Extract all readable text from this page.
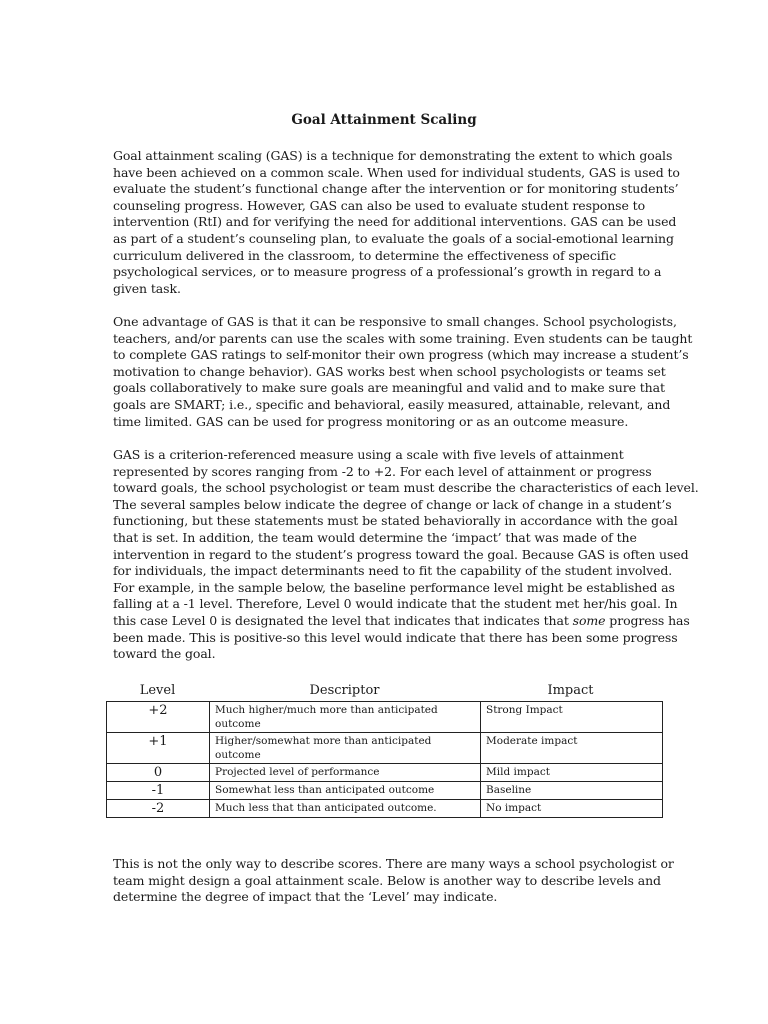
Goal Attainment Scaling
Goal attainment scaling (GAS) is a technique for demonstrating the extent to which goals
have been achieved on a common scale. When used for individual students, GAS is used to
evaluate the student’s functional change after the intervention or for monitoring students’
counseling progress. However, GAS can also be used to evaluate student response to
intervention (RtI) and for verifying the need for additional interventions. GAS can be used
as part of a student’s counseling plan, to evaluate the goals of a social-emotional learning
curriculum delivered in the classroom, to determine the effectiveness of specific
psychological services, or to measure progress of a professional’s growth in regard to a
given task.
One advantage of GAS is that it can be responsive to small changes. School psychologists,
teachers, and/or parents can use the scales with some training. Even students can be taught
to complete GAS ratings to self-monitor their own progress (which may increase a student’s
motivation to change behavior). GAS works best when school psychologists or teams set
goals collaboratively to make sure goals are meaningful and valid and to make sure that
goals are SMART; i.e., specific and behavioral, easily measured, attainable, relevant, and
time limited. GAS can be used for progress monitoring or as an outcome measure.
GAS is a criterion-referenced measure using a scale with five levels of attainment
represented by scores ranging from -2 to +2. For each level of attainment or progress
toward goals, the school psychologist or team must describe the characteristics of each level.
The several samples below indicate the degree of change or lack of change in a student’s
functioning, but these statements must be stated behaviorally in accordance with the goal
that is set. In addition, the team would determine the ‘impact’ that was made of the
intervention in regard to the student’s progress toward the goal. Because GAS is often used
for individuals, the impact determinants need to fit the capability of the student involved.
For example, in the sample below, the baseline performance level might be established as
falling at a -1 level. Therefore, Level 0 would indicate that the student met her/his goal. In
this case Level 0 is designated the level that indicates that indicates that some progress has
been made. This is positive-so this level would indicate that there has been some progress
toward the goal.
Level	Descriptor	Impact
+2	Much higher/much more than anticipated outcome	Strong Impact
+1	Higher/somewhat more than anticipated outcome	Moderate impact
0	Projected level of performance	Mild impact
-1	Somewhat less than anticipated outcome	Baseline
-2	Much less that than anticipated outcome.	No impact
This is not the only way to describe scores. There are many ways a school psychologist or
team might design a goal attainment scale. Below is another way to describe levels and
determine the degree of impact that the ‘Level’ may indicate.
